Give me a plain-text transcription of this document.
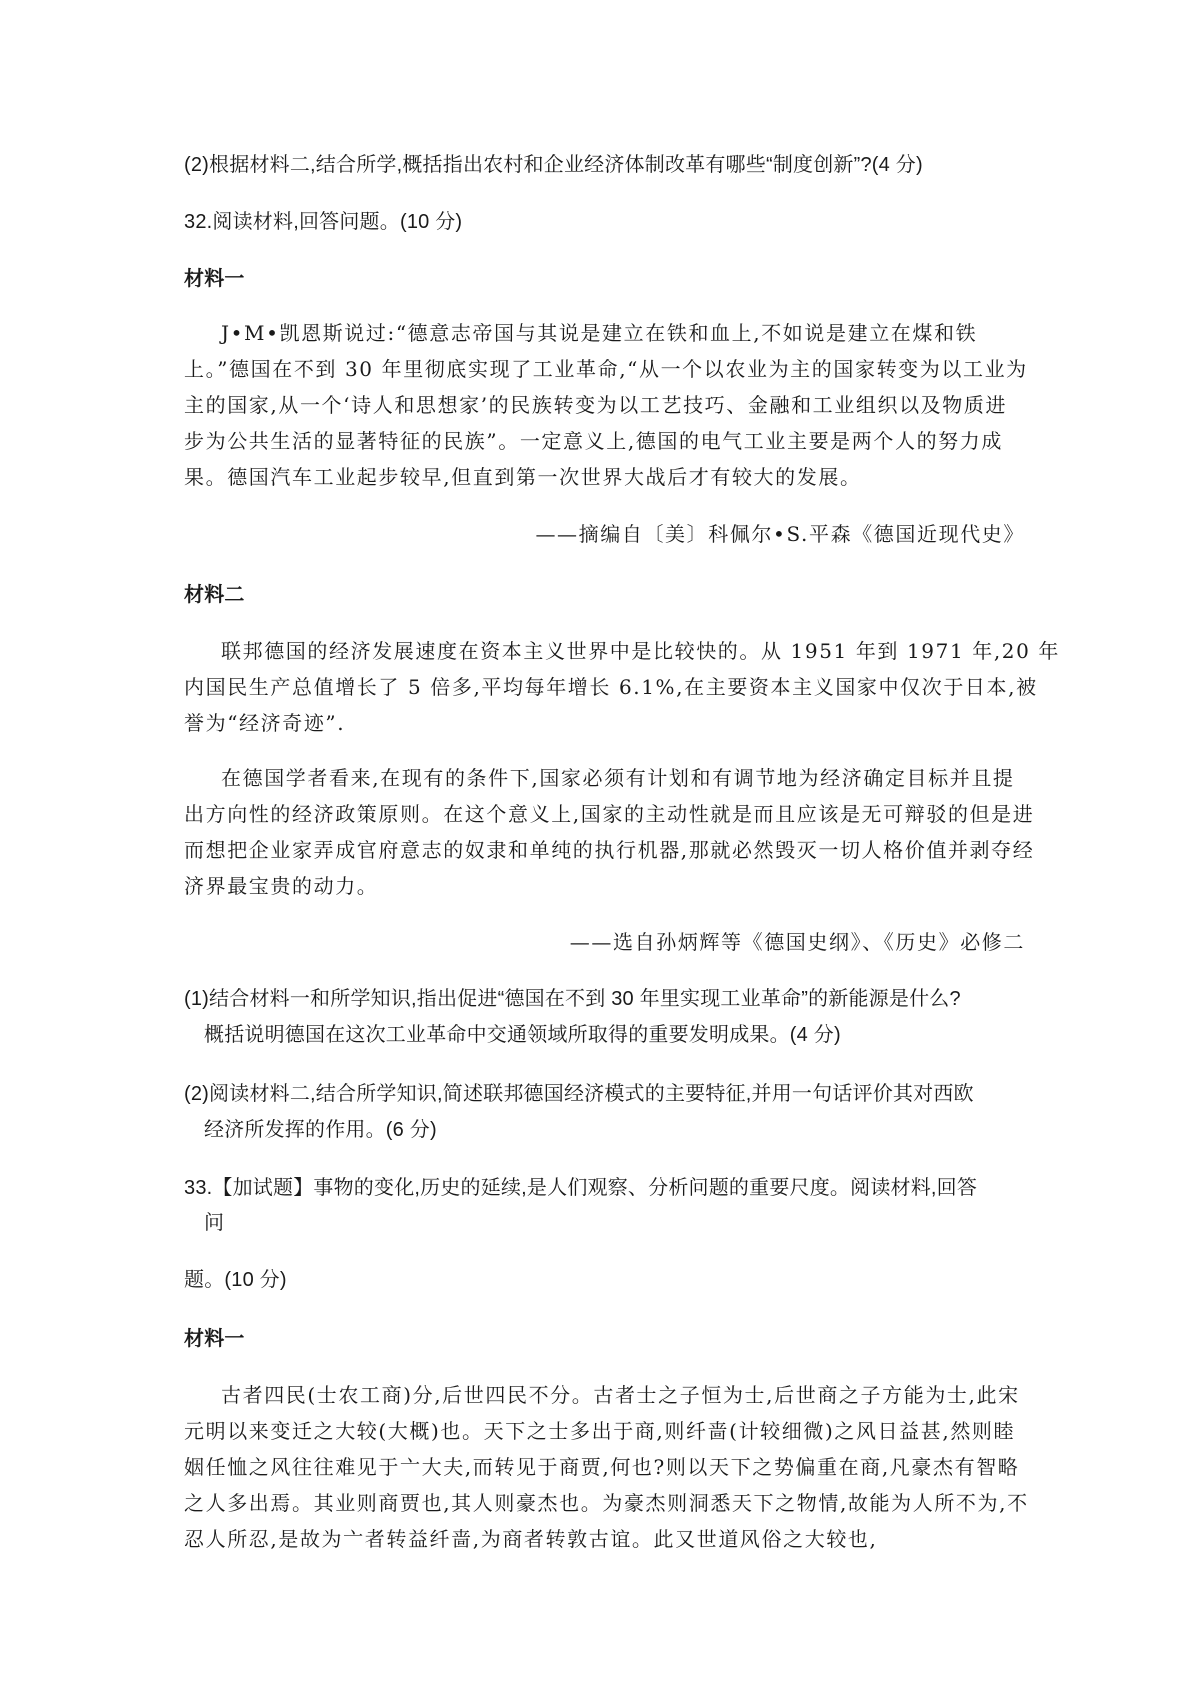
(2)根据材料二,结合所学,概括指出农村和企业经济体制改革有哪些“制度创新”?(4 分)
32.阅读材料,回答问题。(10 分)
材料一
J•M•凯恩斯说过:“德意志帝国与其说是建立在铁和血上,不如说是建立在煤和铁
上。”德国在不到 30 年里彻底实现了工业革命,“从一个以农业为主的国家转变为以工业为
主的国家,从一个‘诗人和思想家’的民族转变为以工艺技巧、金融和工业组织以及物质进
步为公共生活的显著特征的民族”。一定意义上,德国的电气工业主要是两个人的努力成
果。德国汽车工业起步较早,但直到第一次世界大战后才有较大的发展。
——摘编自〔美〕科佩尔•S.平森《德国近现代史》
材料二
联邦德国的经济发展速度在资本主义世界中是比较快的。从 1951 年到 1971 年,20 年
内国民生产总值增长了 5 倍多,平均每年增长 6.1%,在主要资本主义国家中仅次于日本,被
誉为“经济奇迹”.
在德国学者看来,在现有的条件下,国家必须有计划和有调节地为经济确定目标并且提
出方向性的经济政策原则。在这个意义上,国家的主动性就是而且应该是无可辩驳的但是进
而想把企业家弄成官府意志的奴隶和单纯的执行机器,那就必然毁灭一切人格价值并剥夺经
济界最宝贵的动力。
——选自孙炳辉等《德国史纲》、《历史》必修二
(1)结合材料一和所学知识,指出促进“德国在不到 30 年里实现工业革命”的新能源是什么?
概括说明德国在这次工业革命中交通领域所取得的重要发明成果。(4 分)
(2)阅读材料二,结合所学知识,简述联邦德国经济模式的主要特征,并用一句话评价其对西欧
经济所发挥的作用。(6 分)
33.【加试题】事物的变化,历史的延续,是人们观察、分析问题的重要尺度。阅读材料,回答
问
题。(10 分)
材料一
古者四民(士农工商)分,后世四民不分。古者士之子恒为士,后世商之子方能为士,此宋
元明以来变迁之大较(大概)也。天下之士多出于商,则纤啬(计较细微)之风日益甚,然则睦
姻任恤之风往往难见于亠大夫,而转见于商贾,何也?则以天下之势偏重在商,凡豪杰有智略
之人多出焉。其业则商贾也,其人则豪杰也。为豪杰则洞悉天下之物情,故能为人所不为,不
忍人所忍,是故为亠者转益纤啬,为商者转敦古谊。此又世道风俗之大较也,
